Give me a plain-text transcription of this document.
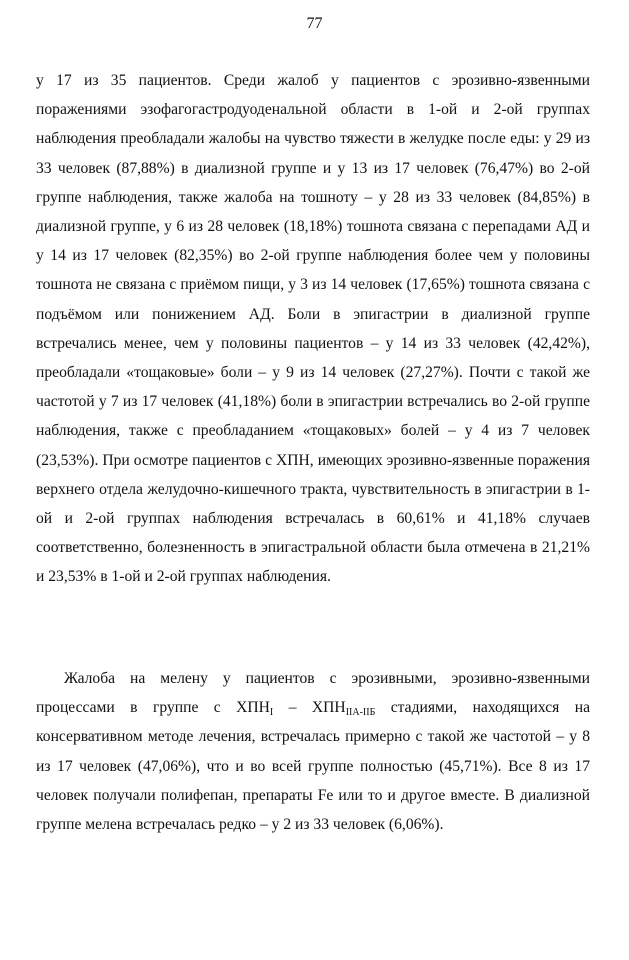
77

у 17 из 35 пациентов. Среди жалоб у пациентов с эрозивно-язвенными поражениями эзофагогастродуоденальной области в 1-ой и 2-ой группах наблюдения преобладали жалобы на чувство тяжести в желудке после еды: у 29 из 33 человек (87,88%) в диализной группе и у 13 из 17 человек (76,47%) во 2-ой группе наблюдения, также жалоба на тошноту – у 28 из 33 человек (84,85%) в диализной группе, у 6 из 28 человек (18,18%) тошнота связана с перепадами АД и у 14 из 17 человек (82,35%) во 2-ой группе наблюдения более чем у половины тошнота не связана с приёмом пищи, у 3 из 14 человек (17,65%) тошнота связана с подъёмом или понижением АД. Боли в эпигастрии в диализной группе встречались менее, чем у половины пациентов – у 14 из 33 человек (42,42%), преобладали «тощаковые» боли – у 9 из 14 человек (27,27%). Почти с такой же частотой у 7 из 17 человек (41,18%) боли в эпигастрии встречались во 2-ой группе наблюдения, также с преобладанием «тощаковых» болей – у 4 из 7 человек (23,53%). При осмотре пациентов с ХПН, имеющих эрозивно-язвенные поражения верхнего отдела желудочно-кишечного тракта, чувствительность в эпигастрии в 1-ой и 2-ой группах наблюдения встречалась в 60,61% и 41,18% случаев соответственно, болезненность в эпигастральной области была отмечена в 21,21% и 23,53% в 1-ой и 2-ой группах наблюдения.

Жалоба на мелену у пациентов с эрозивными, эрозивно-язвенными процессами в группе с $ХПН_I - ХПН_{IIА-IIБ}$ стадиями, находящихся на консервативном методе лечения, встречалась примерно с такой же частотой – у 8 из 17 человек (47,06%), что и во всей группе полностью (45,71%). Все 8 из 17 человек получали полифепан, препараты Fe или то и другое вместе. В диализной группе мелена встречалась редко – у 2 из 33 человек (6,06%).
